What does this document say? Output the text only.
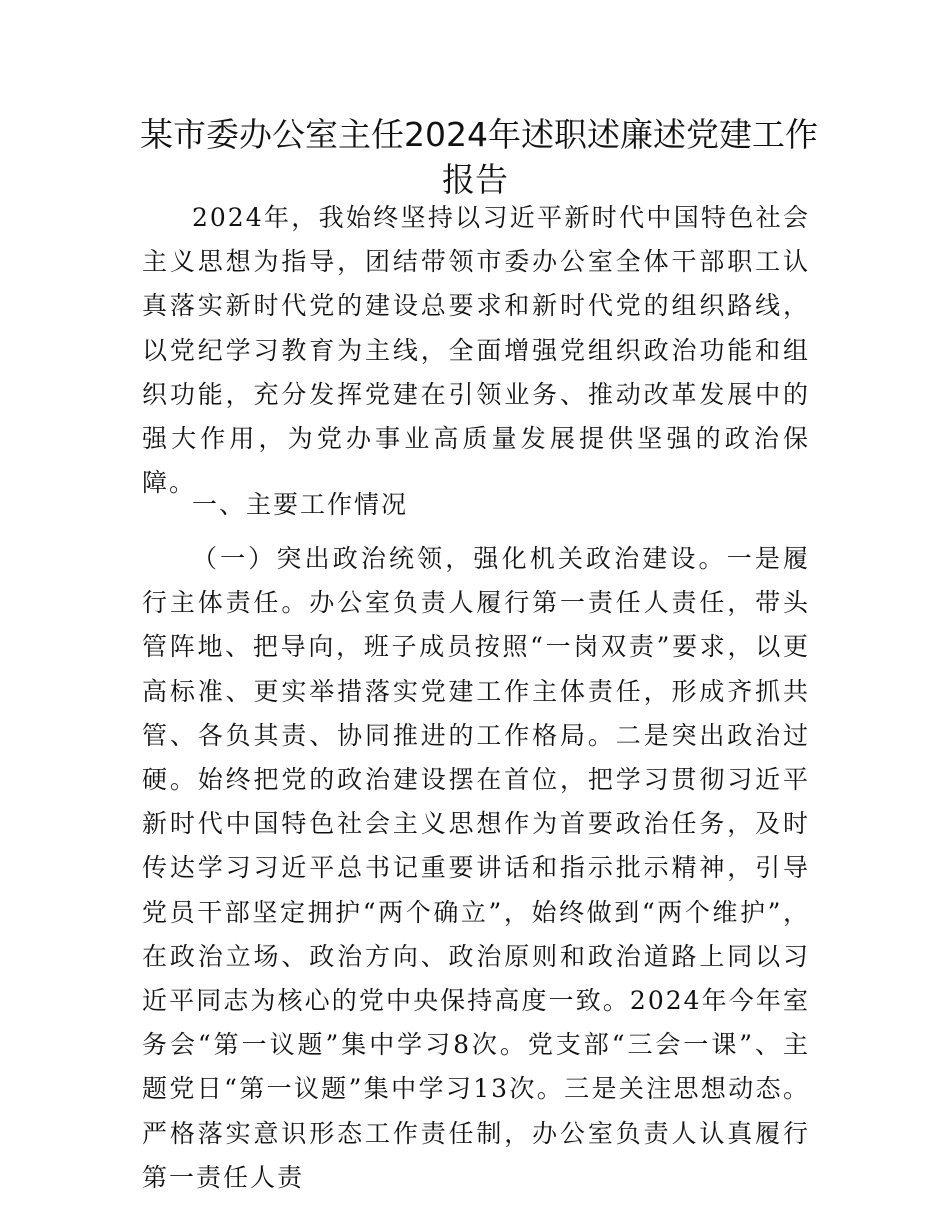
某市委办公室主任2024年述职述廉述党建工作
报告

2024年，我始终坚持以习近平新时代中国特色社会主义思想为指导，团结带领市委办公室全体干部职工认真落实新时代党的建设总要求和新时代党的组织路线，以党纪学习教育为主线，全面增强党组织政治功能和组织功能，充分发挥党建在引领业务、推动改革发展中的强大作用，为党办事业高质量发展提供坚强的政治保障。

一、主要工作情况

（一）突出政治统领，强化机关政治建设。一是履行主体责任。办公室负责人履行第一责任人责任，带头管阵地、把导向，班子成员按照“一岗双责”要求，以更高标准、更实举措落实党建工作主体责任，形成齐抓共管、各负其责、协同推进的工作格局。二是突出政治过硬。始终把党的政治建设摆在首位，把学习贯彻习近平新时代中国特色社会主义思想作为首要政治任务，及时传达学习习近平总书记重要讲话和指示批示精神，引导党员干部坚定拥护“两个确立”，始终做到“两个维护”，在政治立场、政治方向、政治原则和政治道路上同以习近平同志为核心的党中央保持高度一致。2024年今年室务会“第一议题”集中学习8次。党支部“三会一课”、主题党日“第一议题”集中学习13次。三是关注思想动态。严格落实意识形态工作责任制，办公室负责人认真履行第一责任人责
